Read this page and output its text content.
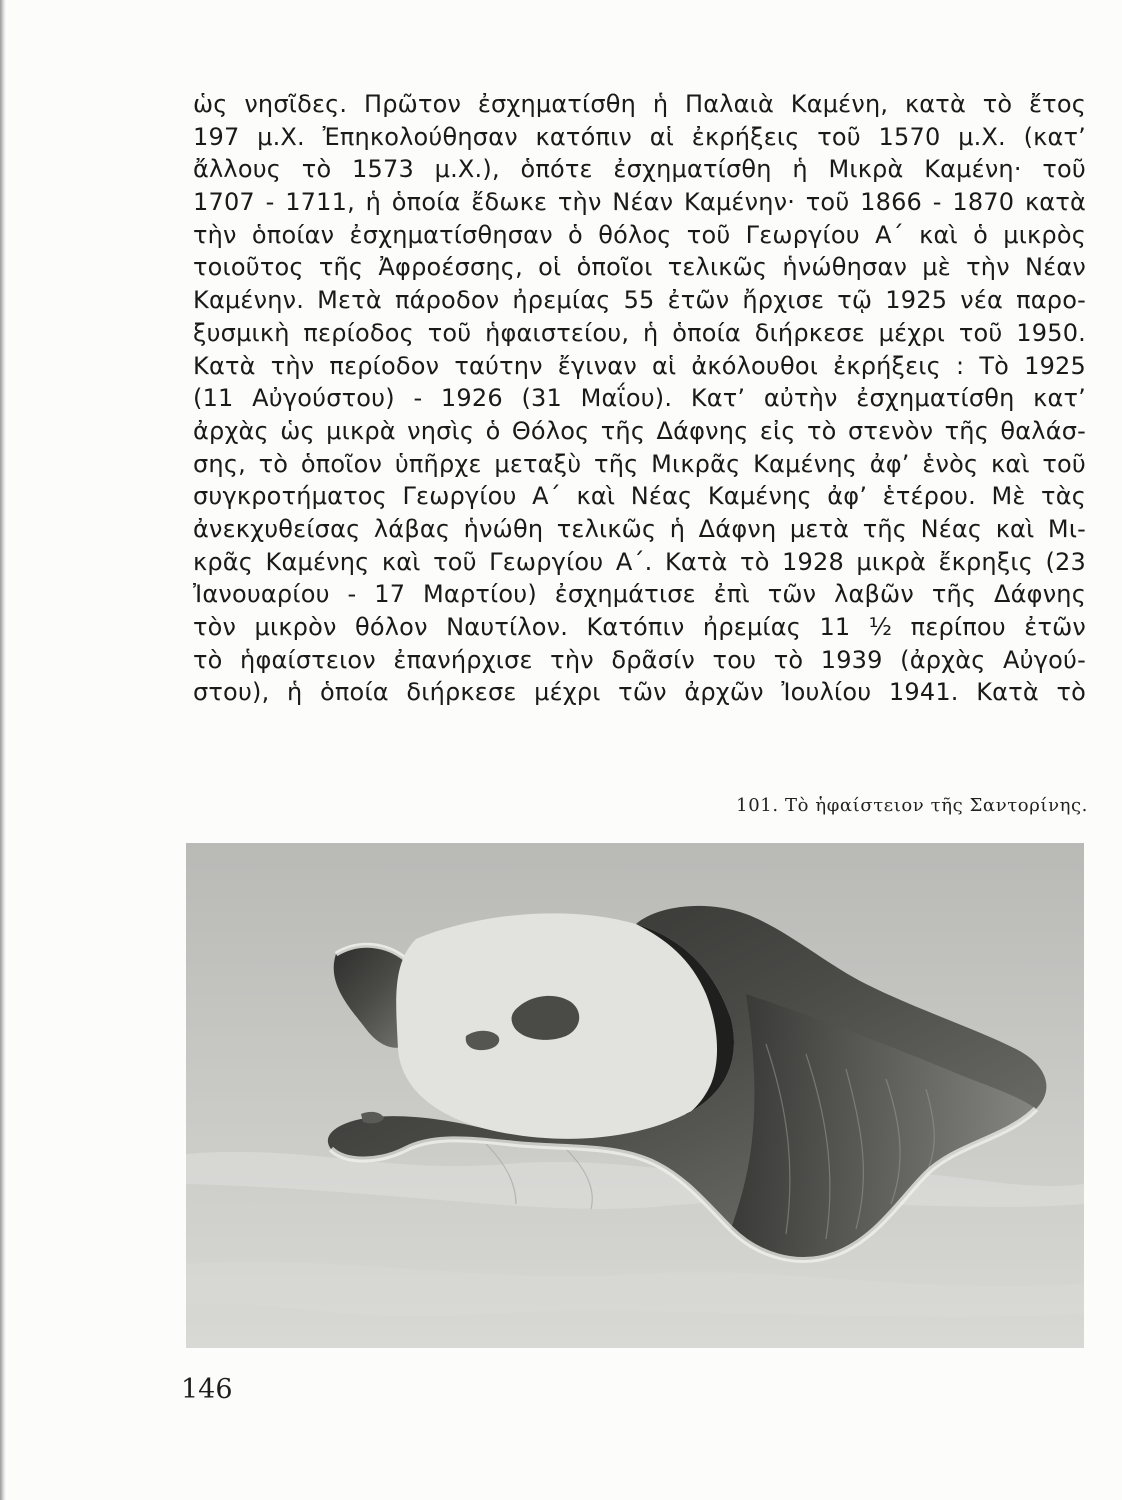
ὡς νησῖδες. Πρῶτον ἐσχηματίσθη ἡ Παλαιὰ Καμένη, κατὰ τὸ ἔτος
197 μ.Χ. Ἐπηκολούθησαν κατόπιν αἱ ἐκρήξεις τοῦ 1570 μ.Χ. (κατ’
ἄλλους τὸ 1573 μ.Χ.), ὁπότε ἐσχηματίσθη ἡ Μικρὰ Καμένη· τοῦ
1707 - 1711, ἡ ὁποία ἔδωκε τὴν Νέαν Καμένην· τοῦ 1866 - 1870 κατὰ
τὴν ὁποίαν ἐσχηματίσθησαν ὁ θόλος τοῦ Γεωργίου Α΄ καὶ ὁ μικρὸς
τοιοῦτος τῆς Ἀφροέσσης, οἱ ὁποῖοι τελικῶς ἡνώθησαν μὲ τὴν Νέαν
Καμένην. Μετὰ πάροδον ἠρεμίας 55 ἐτῶν ἤρχισε τῷ 1925 νέα παρο-
ξυσμικὴ περίοδος τοῦ ἡφαιστείου, ἡ ὁποία διήρκεσε μέχρι τοῦ 1950.
Κατὰ τὴν περίοδον ταύτην ἔγιναν αἱ ἀκόλουθοι ἐκρήξεις : Τὸ 1925
(11 Αὐγούστου) - 1926 (31 Μαΐου). Κατ’ αὐτὴν ἐσχηματίσθη κατ’
ἀρχὰς ὡς μικρὰ νησὶς ὁ Θόλος τῆς Δάφνης εἰς τὸ στενὸν τῆς θαλάσ-
σης, τὸ ὁποῖον ὑπῆρχε μεταξὺ τῆς Μικρᾶς Καμένης ἀφ’ ἑνὸς καὶ τοῦ
συγκροτήματος Γεωργίου Α΄ καὶ Νέας Καμένης ἀφ’ ἑτέρου. Μὲ τὰς
ἀνεκχυθείσας λάβας ἡνώθη τελικῶς ἡ Δάφνη μετὰ τῆς Νέας καὶ Μι-
κρᾶς Καμένης καὶ τοῦ Γεωργίου Α΄. Κατὰ τὸ 1928 μικρὰ ἔκρηξις (23
Ἰανουαρίου - 17 Μαρτίου) ἐσχημάτισε ἐπὶ τῶν λαβῶν τῆς Δάφνης
τὸν μικρὸν θόλον Ναυτίλον. Κατόπιν ἠρεμίας 11 ½ περίπου ἐτῶν
τὸ ἡφαίστειον ἐπανήρχισε τὴν δρᾶσίν του τὸ 1939 (ἀρχὰς Αὐγού-
στου), ἡ ὁποία διήρκεσε μέχρι τῶν ἀρχῶν Ἰουλίου 1941. Κατὰ τὸ
101. Τὸ ἡφαίστειον τῆς Σαντορίνης.
146
